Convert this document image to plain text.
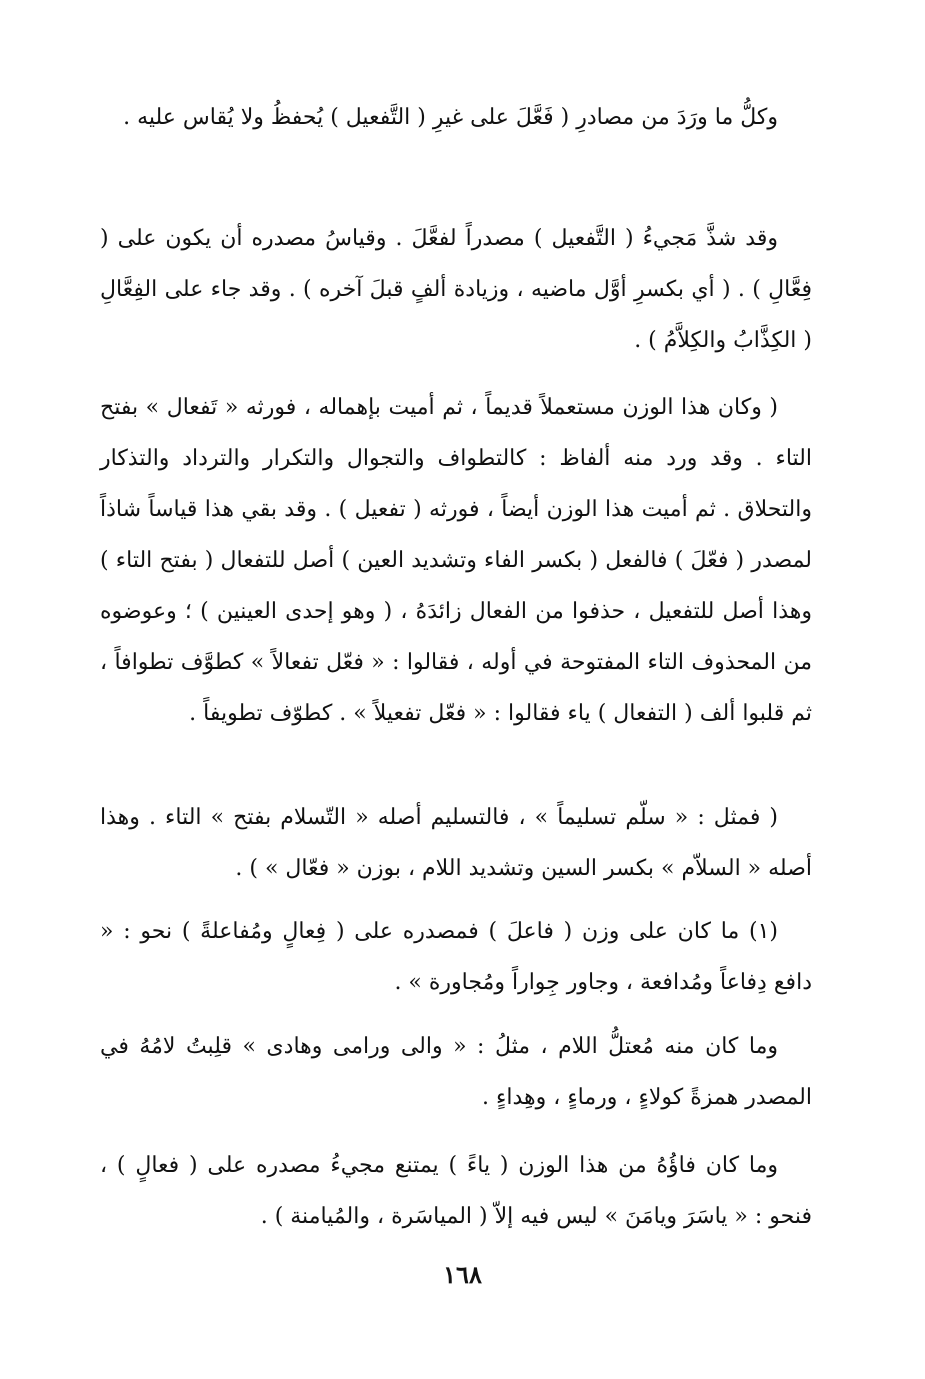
وكلُّ ما ورَدَ من مصادرِ ( فَعَّلَ على غيرِ ( التَّفعيل ) يُحفظُ ولا يُقاس عليه .

وقد شذَّ مَجيءُ ( التَّفعيل ) مصدراً لفعَّلَ . وقياسُ مصدره أن يكون على ( فِعَّالِ ) . ( أي بكسرِ أوَّل ماضيه ، وزيادة ألفٍ قبلَ آخره ) . وقد جاء على الفِعَّالِ ( الكِذَّابُ والكِلاَّمُ ) .

( وكان هذا الوزن مستعملاً قديماً ، ثم أميت بإهماله ، فورثه « تَفعال » بفتح التاء . وقد ورد منه ألفاظ : كالتطواف والتجوال والتكرار والترداد والتذكار والتحلاق . ثم أميت هذا الوزن أيضاً ، فورثه ( تفعيل ) . وقد بقي هذا قياساً شاذاً لمصدر ( فعّلَ ) فالفعل ( بكسر الفاء وتشديد العين ) أصل للتفعال ( بفتح التاء ) وهذا أصل للتفعيل ، حذفوا من الفعال زائدَهُ ، ( وهو إحدى العينين ) ؛ وعوضوه من المحذوف التاء المفتوحة في أوله ، فقالوا : « فعّل تفعالاً » كطوَّف تطوافاً ، ثم قلبوا ألف ( التفعال ) ياء فقالوا : « فعّل تفعيلاً » . كطوّف تطويفاً .

( فمثل : « سلّم تسليماً » ، فالتسليم أصله « التّسلام بفتح » التاء . وهذا أصله « السلاّم » بكسر السين وتشديد اللام ، بوزن « فعّال » ) .

(١) ما كان على وزن ( فاعلَ ) فمصدره على ( فِعالٍ ومُفاعلةً ) نحو : « دافع دِفاعاً ومُدافعة ، وجاور جِواراً ومُجاورة » .

وما كان منه مُعتلُّ اللام ، مثلُ : « والى ورامى وهادى » قلِبتُ لامُهُ في المصدر همزةً كولاءٍ ، ورماءٍ ، وهِداءٍ .

وما كان فاؤُهُ من هذا الوزن ( ياءً ) يمتنع مجيءُ مصدره على ( فعالٍ ) ، فنحو : « ياسَرَ ويامَنَ » ليس فيه إلاّ ( المياسَرة ، والمُيامنة ) .

١٦٨
